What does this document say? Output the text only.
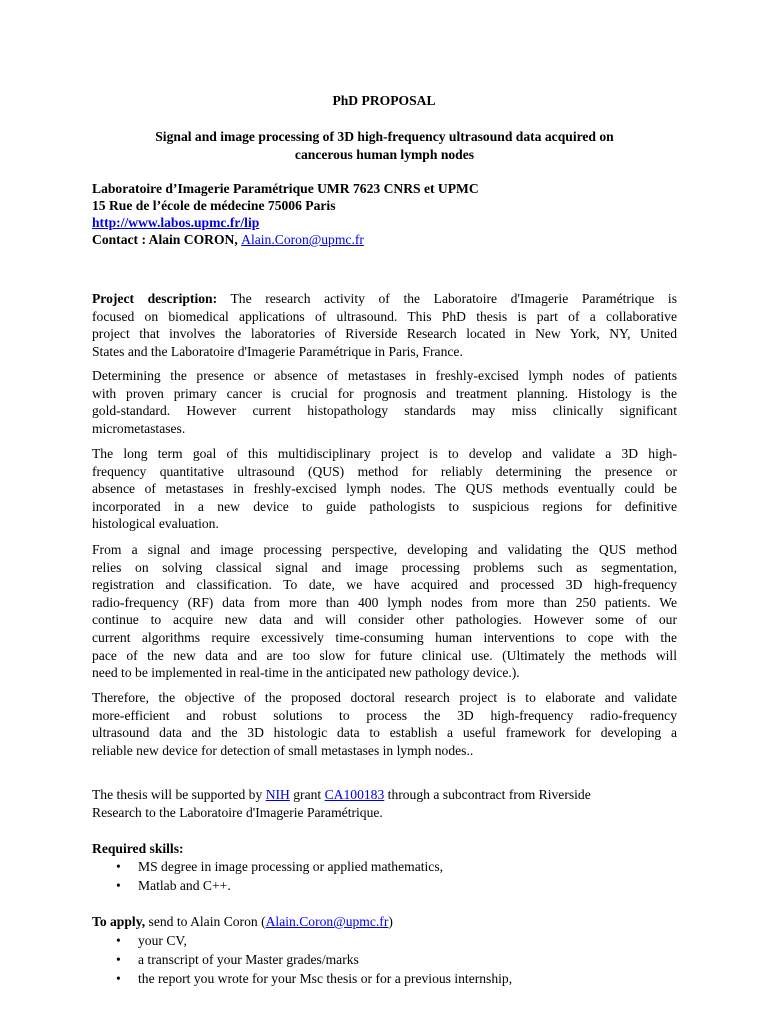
PhD PROPOSAL
Signal and image processing of 3D high-frequency ultrasound data acquired on
cancerous human lymph nodes
Laboratoire d’Imagerie Paramétrique UMR 7623 CNRS et UPMC
15 Rue de l’école de médecine 75006 Paris
http://www.labos.upmc.fr/lip
Contact : Alain CORON, Alain.Coron@upmc.fr
Project description: The research activity of the Laboratoire d'Imagerie Paramétrique is
focused on biomedical applications of ultrasound. This PhD thesis is part of a collaborative
project that involves the laboratories of Riverside Research located in New York, NY, United
States and the Laboratoire d'Imagerie Paramétrique in Paris, France.
Determining the presence or absence of metastases in freshly-excised lymph nodes of patients
with proven primary cancer is crucial for prognosis and treatment planning. Histology is the
gold-standard. However current histopathology standards may miss clinically significant
micrometastases.
The long term goal of this multidisciplinary project is to develop and validate a 3D high-
frequency quantitative ultrasound (QUS) method for reliably determining the presence or
absence of metastases in freshly-excised lymph nodes. The QUS methods eventually could be
incorporated in a new device to guide pathologists to suspicious regions for definitive
histological evaluation.
From a signal and image processing perspective, developing and validating the QUS method
relies on solving classical signal and image processing problems such as segmentation,
registration and classification. To date, we have acquired and processed 3D high-frequency
radio-frequency (RF) data from more than 400 lymph nodes from more than 250 patients. We
continue to acquire new data and will consider other pathologies. However some of our
current algorithms require excessively time-consuming human interventions to cope with the
pace of the new data and are too slow for future clinical use. (Ultimately the methods will
need to be implemented in real-time in the anticipated new pathology device.).
Therefore, the objective of the proposed doctoral research project is to elaborate and validate
more-efficient and robust solutions to process the 3D high-frequency radio-frequency
ultrasound data and the 3D histologic data to establish a useful framework for developing a
reliable new device for detection of small metastases in lymph nodes..
The thesis will be supported by NIH grant CA100183 through a subcontract from Riverside
Research to the Laboratoire d'Imagerie Paramétrique.
Required skills:
• MS degree in image processing or applied mathematics,
• Matlab and C++.
To apply, send to Alain Coron (Alain.Coron@upmc.fr)
• your CV,
• a transcript of your Master grades/marks
• the report you wrote for your Msc thesis or for a previous internship,
